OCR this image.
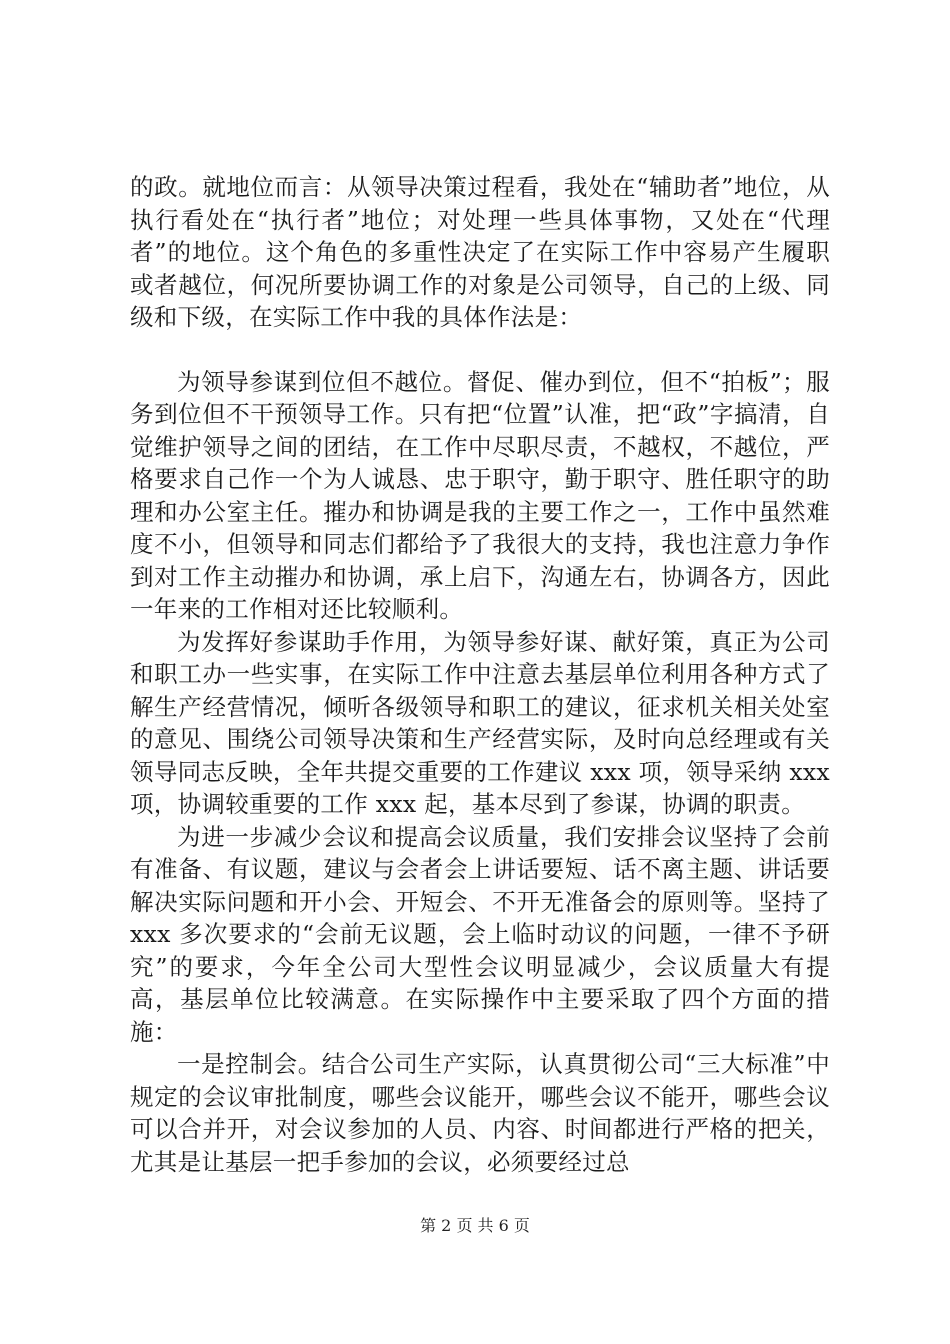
的政。就地位而言：从领导决策过程看，我处在“辅助者”地位，从执行看处在“执行者”地位；对处理一些具体事物，又处在“代理者”的地位。这个角色的多重性决定了在实际工作中容易产生履职或者越位，何况所要协调工作的对象是公司领导，自己的上级、同级和下级，在实际工作中我的具体作法是：

为领导参谋到位但不越位。督促、催办到位，但不“拍板”；服务到位但不干预领导工作。只有把“位置”认准，把“政”字搞清，自觉维护领导之间的团结，在工作中尽职尽责，不越权，不越位，严格要求自己作一个为人诚恳、忠于职守，勤于职守、胜任职守的助理和办公室主任。摧办和协调是我的主要工作之一，工作中虽然难度不小，但领导和同志们都给予了我很大的支持，我也注意力争作到对工作主动摧办和协调，承上启下，沟通左右，协调各方，因此一年来的工作相对还比较顺利。

为发挥好参谋助手作用，为领导参好谋、献好策，真正为公司和职工办一些实事，在实际工作中注意去基层单位利用各种方式了解生产经营情况，倾听各级领导和职工的建议，征求机关相关处室的意见、围绕公司领导决策和生产经营实际，及时向总经理或有关领导同志反映，全年共提交重要的工作建议 xxx 项，领导采纳 xxx 项，协调较重要的工作 xxx 起，基本尽到了参谋，协调的职责。

为进一步减少会议和提高会议质量，我们安排会议坚持了会前有准备、有议题，建议与会者会上讲话要短、话不离主题、讲话要解决实际问题和开小会、开短会、不开无准备会的原则等。坚持了 xxx 多次要求的“会前无议题，会上临时动议的问题，一律不予研究”的要求，今年全公司大型性会议明显减少，会议质量大有提高，基层单位比较满意。在实际操作中主要采取了四个方面的措施：

一是控制会。结合公司生产实际，认真贯彻公司“三大标准”中规定的会议审批制度，哪些会议能开，哪些会议不能开，哪些会议可以合并开，对会议参加的人员、内容、时间都进行严格的把关，尤其是让基层一把手参加的会议，必须要经过总

第 2 页 共 6 页
